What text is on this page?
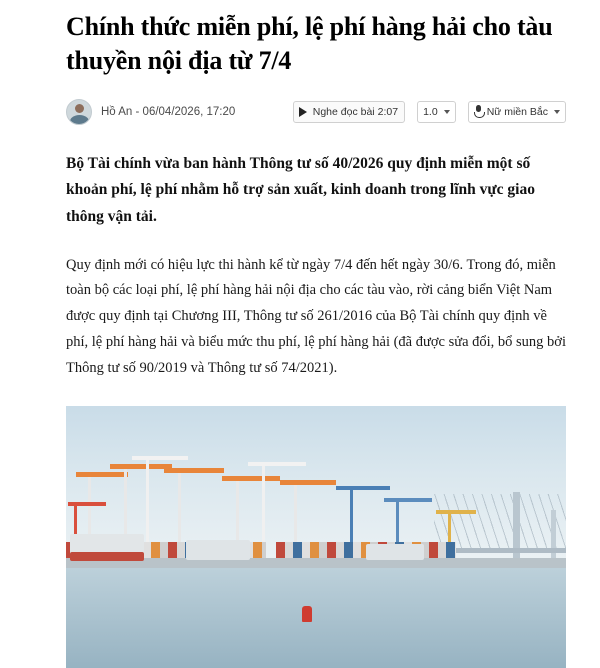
Chính thức miễn phí, lệ phí hàng hải cho tàu thuyền nội địa từ 7/4
Hồ An - 06/04/2026, 17:20	Nghe đọc bài 2:07 1.0	Nữ miền Bắc

Bộ Tài chính vừa ban hành Thông tư số 40/2026 quy định miễn một số khoản phí, lệ phí nhằm hỗ trợ sản xuất, kinh doanh trong lĩnh vực giao thông vận tải.

Quy định mới có hiệu lực thi hành kể từ ngày 7/4 đến hết ngày 30/6. Trong đó, miễn toàn bộ các loại phí, lệ phí hàng hải nội địa cho các tàu vào, rời cảng biển Việt Nam được quy định tại Chương III, Thông tư số 261/2016 của Bộ Tài chính quy định về phí, lệ phí hàng hải và biểu mức thu phí, lệ phí hàng hải (đã được sửa đổi, bổ sung bởi Thông tư số 90/2019 và Thông tư số 74/2021).
